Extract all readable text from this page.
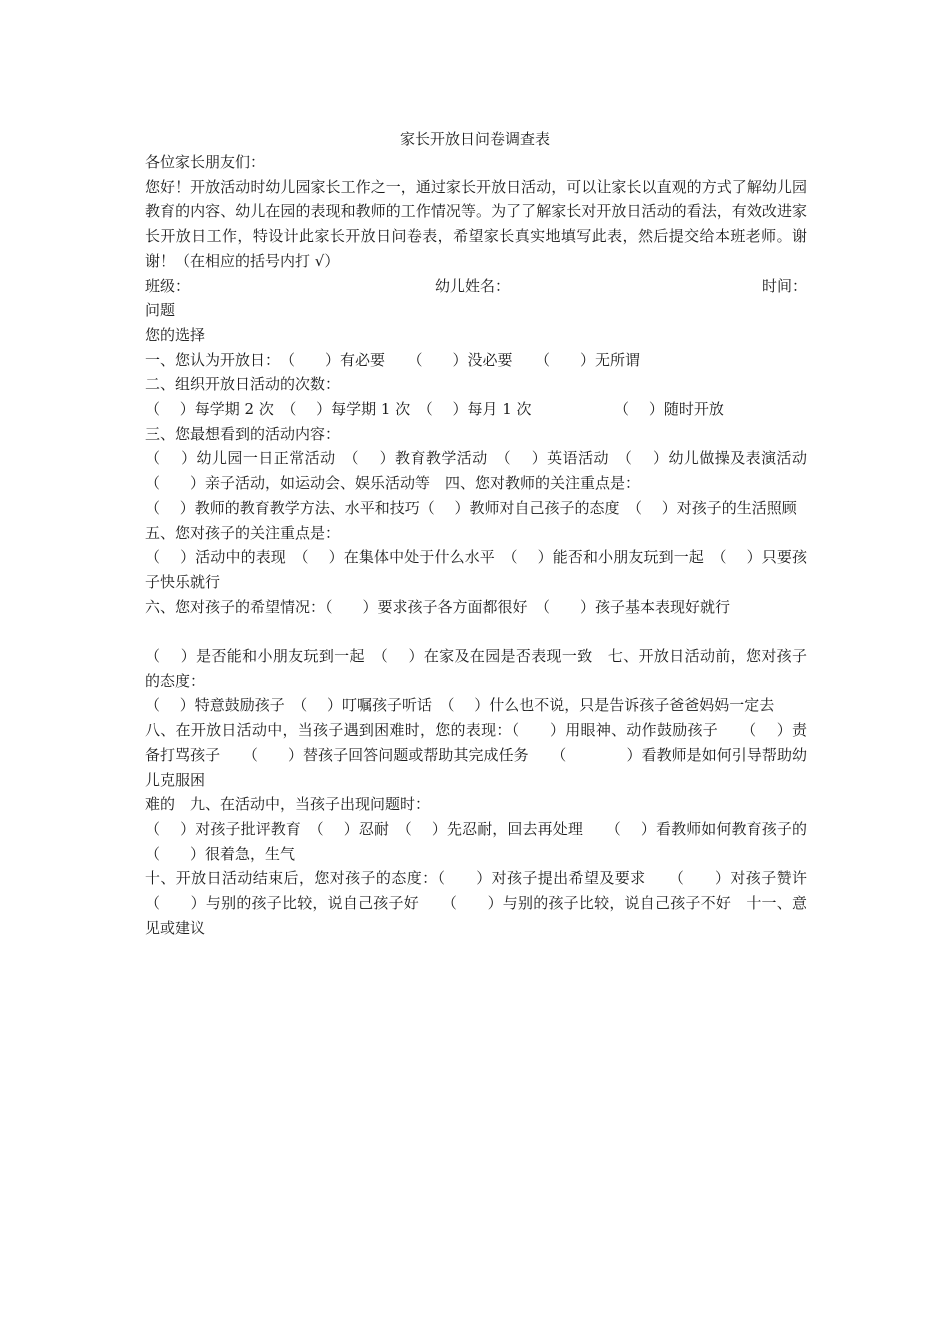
家长开放日问卷调查表

各位家长朋友们：

您好！开放活动时幼儿园家长工作之一，通过家长开放日活动，可以让家长以直观的方式了解幼儿园教育的内容、幼儿在园的表现和教师的工作情况等。为了了解家长对开放日活动的看法，有效改进家长开放日工作，特设计此家长开放日问卷表，希望家长真实地填写此表，然后提交给本班老师。谢谢！（在相应的括号内打 √）

班级：	幼儿姓名：	时间：

问题

您的选择

一、您认为开放日：　（　　）有必要　　（　　）没必要　　（　　）无所谓

二、组织开放日活动的次数：

（　 ）每学期 2 次　（　 ）每学期 1 次　（　 ）每月 1 次　　　　　　（　 ）随时开放

三、您最想看到的活动内容：

（　 ）幼儿园一日正常活动　（　 ）教育教学活动　（　 ）英语活动　（　 ）幼儿做操及表演活动　　（　　）亲子活动，如运动会、娱乐活动等　四、您对教师的关注重点是：

（　 ）教师的教育教学方法、水平和技巧（　 ）教师对自己孩子的态度　（　 ）对孩子的生活照顾

五、您对孩子的关注重点是：

（　 ）活动中的表现　（　 ）在集体中处于什么水平　（　 ）能否和小朋友玩到一起　（　 ）只要孩子快乐就行

六、您对孩子的希望情况：（　　）要求孩子各方面都很好　（　　）孩子基本表现好就行

（　 ）是否能和小朋友玩到一起　（　 ）在家及在园是否表现一致　七、开放日活动前，您对孩子的态度：

（　 ）特意鼓励孩子　（　 ）叮嘱孩子听话　（　 ）什么也不说，只是告诉孩子爸爸妈妈一定去

八、在开放日活动中，当孩子遇到困难时，您的表现：（　　）用眼神、动作鼓励孩子　　（　 ）责备打骂孩子　　（　　）替孩子回答问题或帮助其完成任务　　（　　　　）看教师是如何引导帮助幼儿克服困

难的　九、在活动中，当孩子出现问题时：

（　 ）对孩子批评教育　（　 ）忍耐　（　 ）先忍耐，回去再处理　　（　 ）看教师如何教育孩子的（　　）很着急，生气

十、开放日活动结束后，您对孩子的态度：（　　）对孩子提出希望及要求　　（　　）对孩子赞许　　（　　）与别的孩子比较，说自己孩子好　　（　　）与别的孩子比较，说自己孩子不好　十一、意见或建议
